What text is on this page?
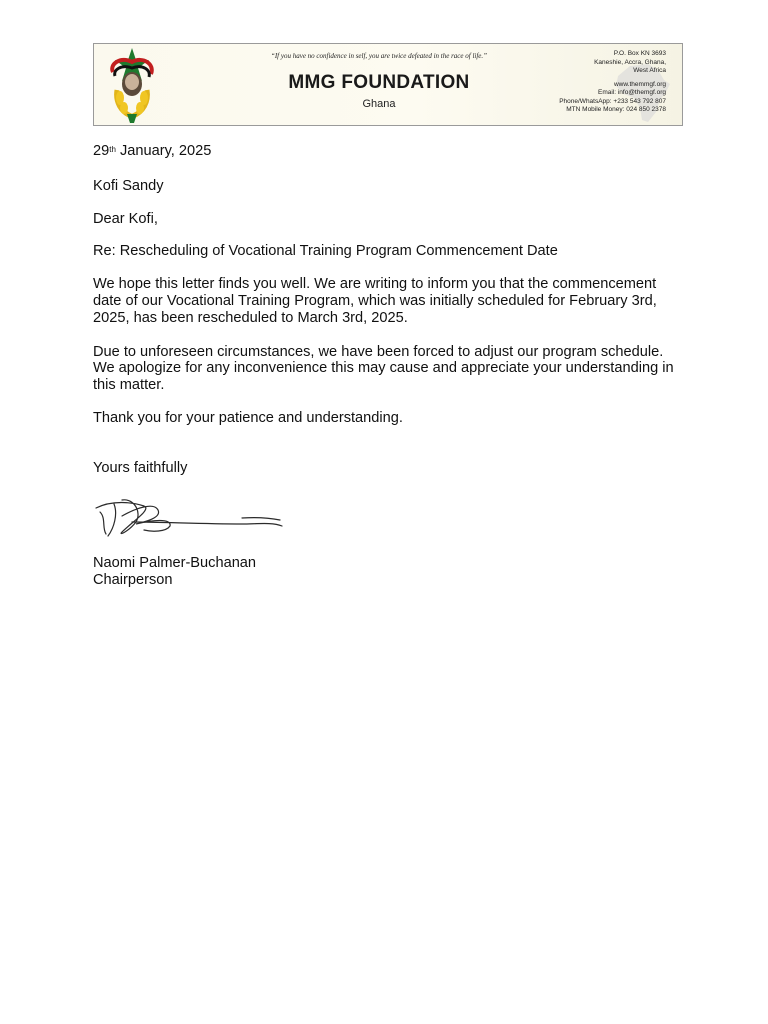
“If you have no confidence in self, you are twice defeated in the race of life.”
MMG FOUNDATION
Ghana
P.O. Box KN 3693
Kaneshie, Accra, Ghana,
West Africa
www.themmgf.org
Email: info@themgf.org
Phone/WhatsApp: +233 543 792 807
MTN Mobile Money: 024 850 2378

29th January, 2025

Kofi Sandy

Dear Kofi,

Re: Rescheduling of Vocational Training Program Commencement Date

We hope this letter finds you well. We are writing to inform you that the commencement date of our Vocational Training Program, which was initially scheduled for February 3rd, 2025, has been rescheduled to March 3rd, 2025.

Due to unforeseen circumstances, we have been forced to adjust our program schedule. We apologize for any inconvenience this may cause and appreciate your understanding in this matter.

Thank you for your patience and understanding.

Yours faithfully

Naomi Palmer-Buchanan

Chairperson
